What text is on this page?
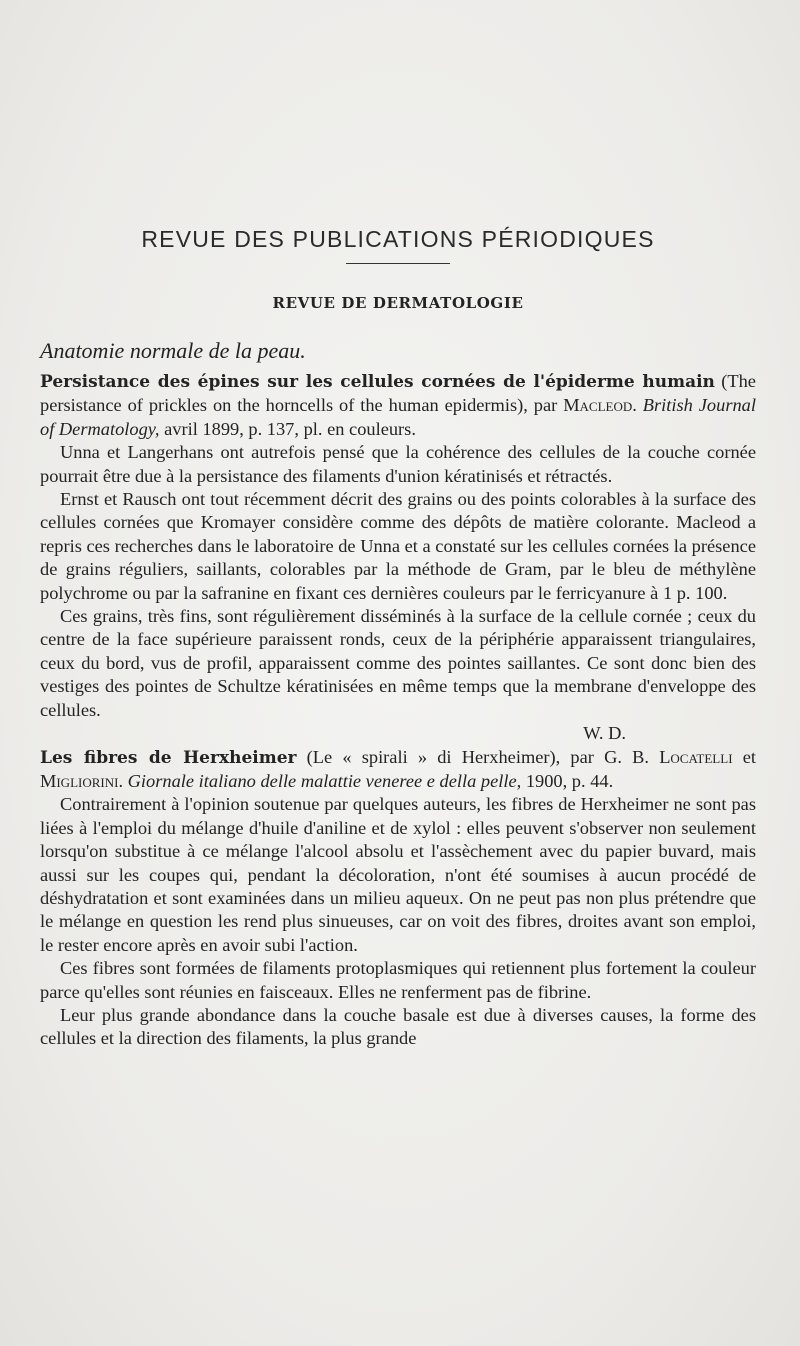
REVUE DES PUBLICATIONS PÉRIODIQUES
REVUE DE DERMATOLOGIE
Anatomie normale de la peau.

Persistance des épines sur les cellules cornées de l'épiderme humain (The persistance of prickles on the horncells of the human epidermis), par Macleod. British Journal of Dermatology, avril 1899, p. 137, pl. en couleurs.

Unna et Langerhans ont autrefois pensé que la cohérence des cellules de la couche cornée pourrait être due à la persistance des filaments d'union kératinisés et rétractés.

Ernst et Rausch ont tout récemment décrit des grains ou des points colorables à la surface des cellules cornées que Kromayer considère comme des dépôts de matière colorante. Macleod a repris ces recherches dans le laboratoire de Unna et a constaté sur les cellules cornées la présence de grains réguliers, saillants, colorables par la méthode de Gram, par le bleu de méthylène polychrome ou par la safranine en fixant ces dernières couleurs par le ferricyanure à 1 p. 100.

Ces grains, très fins, sont régulièrement disséminés à la surface de la cellule cornée ; ceux du centre de la face supérieure paraissent ronds, ceux de la périphérie apparaissent triangulaires, ceux du bord, vus de profil, apparaissent comme des pointes saillantes. Ce sont donc bien des vestiges des pointes de Schultze kératinisées en même temps que la membrane d'enveloppe des cellules.

W. D.

Les fibres de Herxheimer (Le « spirali » di Herxheimer), par G. B. Locatelli et Migliorini. Giornale italiano delle malattie veneree e della pelle, 1900, p. 44.

Contrairement à l'opinion soutenue par quelques auteurs, les fibres de Herxheimer ne sont pas liées à l'emploi du mélange d'huile d'aniline et de xylol : elles peuvent s'observer non seulement lorsqu'on substitue à ce mélange l'alcool absolu et l'assèchement avec du papier buvard, mais aussi sur les coupes qui, pendant la décoloration, n'ont été soumises à aucun procédé de déshydratation et sont examinées dans un milieu aqueux. On ne peut pas non plus prétendre que le mélange en question les rend plus sinueuses, car on voit des fibres, droites avant son emploi, le rester encore après en avoir subi l'action.

Ces fibres sont formées de filaments protoplasmiques qui retiennent plus fortement la couleur parce qu'elles sont réunies en faisceaux. Elles ne renferment pas de fibrine.

Leur plus grande abondance dans la couche basale est due à diverses causes, la forme des cellules et la direction des filaments, la plus grande
